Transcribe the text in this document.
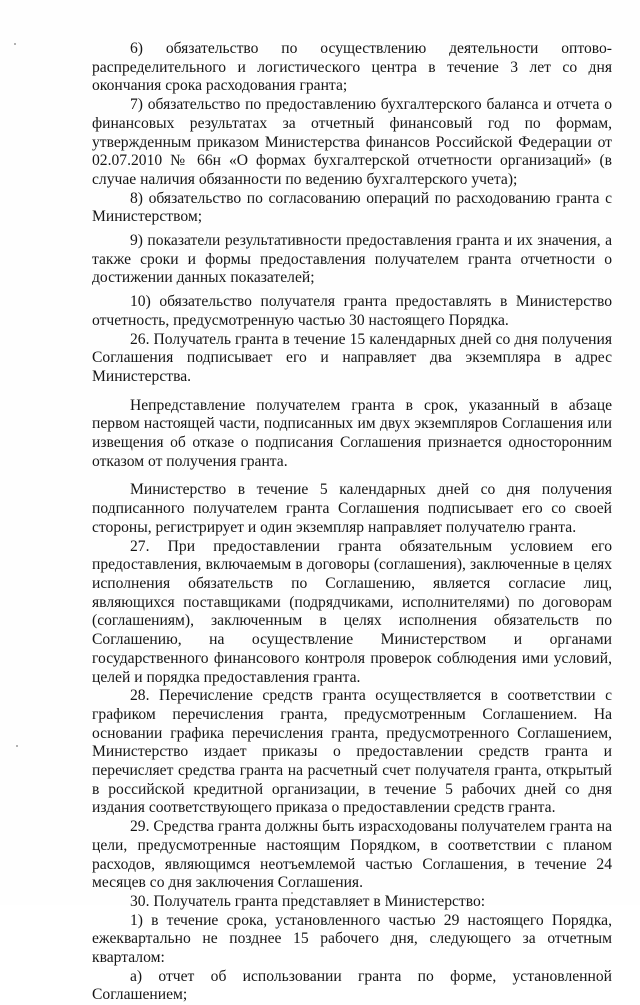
6) обязательство по осуществлению деятельности оптово-распределительного и логистического центра в течение 3 лет со дня окончания срока расходования гранта;

7) обязательство по предоставлению бухгалтерского баланса и отчета о финансовых результатах за отчетный финансовый год по формам, утвержденным приказом Министерства финансов Российской Федерации от 02.07.2010 № 66н «О формах бухгалтерской отчетности организаций» (в случае наличия обязанности по ведению бухгалтерского учета);

8) обязательство по согласованию операций по расходованию гранта с Министерством;

9) показатели результативности предоставления гранта и их значения, а также сроки и формы предоставления получателем гранта отчетности о достижении данных показателей;

10) обязательство получателя гранта предоставлять в Министерство отчетность, предусмотренную частью 30 настоящего Порядка.

26. Получатель гранта в течение 15 календарных дней со дня получения Соглашения подписывает его и направляет два экземпляра в адрес Министерства.

Непредставление получателем гранта в срок, указанный в абзаце первом настоящей части, подписанных им двух экземпляров Соглашения или извещения об отказе о подписания Соглашения признается односторонним отказом от получения гранта.

Министерство в течение 5 календарных дней со дня получения подписанного получателем гранта Соглашения подписывает его со своей стороны, регистрирует и один экземпляр направляет получателю гранта.

27. При предоставлении гранта обязательным условием его предоставления, включаемым в договоры (соглашения), заключенные в целях исполнения обязательств по Соглашению, является согласие лиц, являющихся поставщиками (подрядчиками, исполнителями) по договорам (соглашениям), заключенным в целях исполнения обязательств по Соглашению, на осуществление Министерством и органами государственного финансового контроля проверок соблюдения ими условий, целей и порядка предоставления гранта.

28. Перечисление средств гранта осуществляется в соответствии с графиком перечисления гранта, предусмотренным Соглашением. На основании графика перечисления гранта, предусмотренного Соглашением, Министерство издает приказы о предоставлении средств гранта и перечисляет средства гранта на расчетный счет получателя гранта, открытый в российской кредитной организации, в течение 5 рабочих дней со дня издания соответствующего приказа о предоставлении средств гранта.

29. Средства гранта должны быть израсходованы получателем гранта на цели, предусмотренные настоящим Порядком, в соответствии с планом расходов, являющимся неотъемлемой частью Соглашения, в течение 24 месяцев со дня заключения Соглашения.

30. Получатель гранта представляет в Министерство:

1) в течение срока, установленного частью 29 настоящего Порядка, ежеквартально не позднее 15 рабочего дня, следующего за отчетным кварталом:

а) отчет об использовании гранта по форме, установленной Соглашением;
